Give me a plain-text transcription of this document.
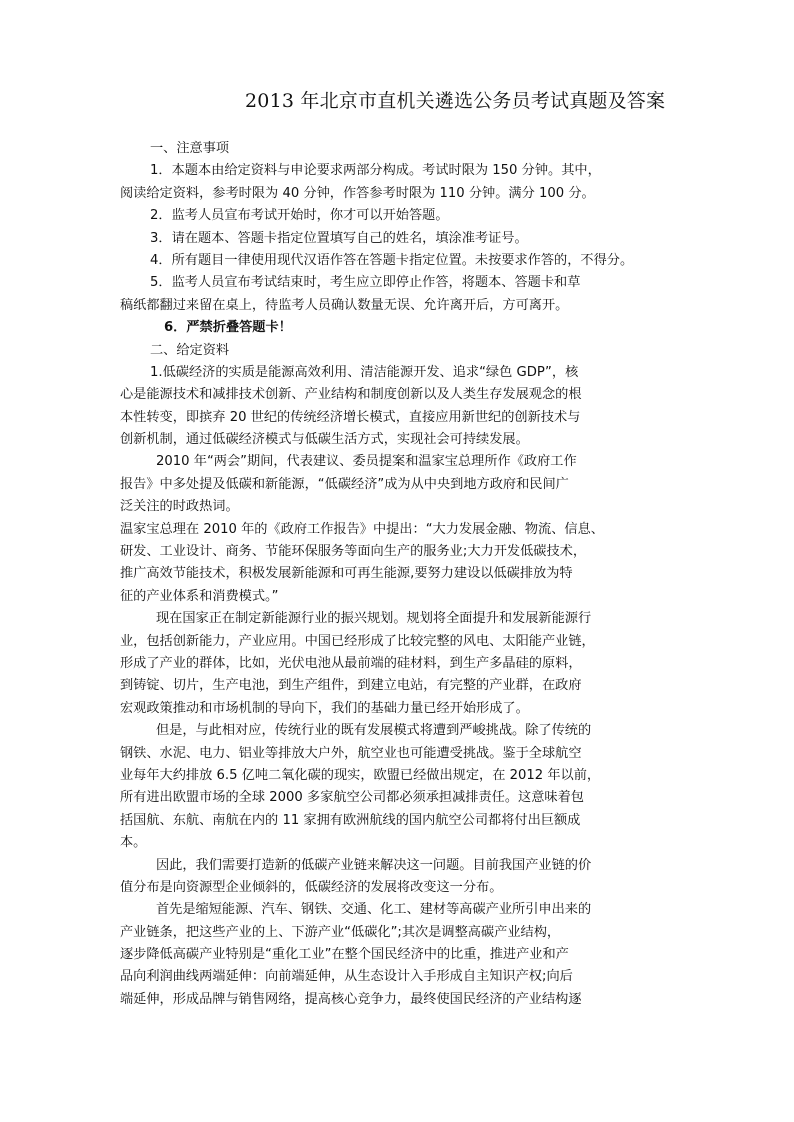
2013 年北京市直机关遴选公务员考试真题及答案
一、注意事项
1．本题本由给定资料与申论要求两部分构成。考试时限为 150 分钟。其中，
阅读给定资料，参考时限为 40 分钟，作答参考时限为 110 分钟。满分 100 分。
2．监考人员宣布考试开始时，你才可以开始答题。
3．请在题本、答题卡指定位置填写自己的姓名，填涂准考证号。
4．所有题目一律使用现代汉语作答在答题卡指定位置。未按要求作答的，不得分。
5．监考人员宣布考试结束时，考生应立即停止作答，将题本、答题卡和草
稿纸都翻过来留在桌上，待监考人员确认数量无误、允许离开后，方可离开。
6．严禁折叠答题卡！
二、给定资料
1.低碳经济的实质是能源高效利用、清洁能源开发、追求“绿色 GDP”，核
心是能源技术和减排技术创新、产业结构和制度创新以及人类生存发展观念的根
本性转变，即摈弃 20 世纪的传统经济增长模式，直接应用新世纪的创新技术与
创新机制，通过低碳经济模式与低碳生活方式，实现社会可持续发展。
2010 年“两会”期间，代表建议、委员提案和温家宝总理所作《政府工作
报告》中多处提及低碳和新能源，“低碳经济”成为从中央到地方政府和民间广
泛关注的时政热词。
温家宝总理在 2010 年的《政府工作报告》中提出：“大力发展金融、物流、信息、
研发、工业设计、商务、节能环保服务等面向生产的服务业;大力开发低碳技术，
推广高效节能技术，积极发展新能源和可再生能源,要努力建设以低碳排放为特
征的产业体系和消费模式。”
现在国家正在制定新能源行业的振兴规划。规划将全面提升和发展新能源行
业，包括创新能力，产业应用。中国已经形成了比较完整的风电、太阳能产业链，
形成了产业的群体，比如，光伏电池从最前端的硅材料，到生产多晶硅的原料，
到铸锭、切片，生产电池，到生产组件，到建立电站，有完整的产业群，在政府
宏观政策推动和市场机制的导向下，我们的基础力量已经开始形成了。
但是，与此相对应，传统行业的既有发展模式将遭到严峻挑战。除了传统的
钢铁、水泥、电力、铝业等排放大户外，航空业也可能遭受挑战。鉴于全球航空
业每年大约排放 6.5 亿吨二氧化碳的现实，欧盟已经做出规定，在 2012 年以前，
所有进出欧盟市场的全球 2000 多家航空公司都必须承担减排责任。这意味着包
括国航、东航、南航在内的 11 家拥有欧洲航线的国内航空公司都将付出巨额成
本。
因此，我们需要打造新的低碳产业链来解决这一问题。目前我国产业链的价
值分布是向资源型企业倾斜的，低碳经济的发展将改变这一分布。
首先是缩短能源、汽车、钢铁、交通、化工、建材等高碳产业所引申出来的
产业链条，把这些产业的上、下游产业“低碳化”;其次是调整高碳产业结构，
逐步降低高碳产业特别是“重化工业”在整个国民经济中的比重，推进产业和产
品向利润曲线两端延伸：向前端延伸，从生态设计入手形成自主知识产权;向后
端延伸，形成品牌与销售网络，提高核心竞争力，最终使国民经济的产业结构逐
